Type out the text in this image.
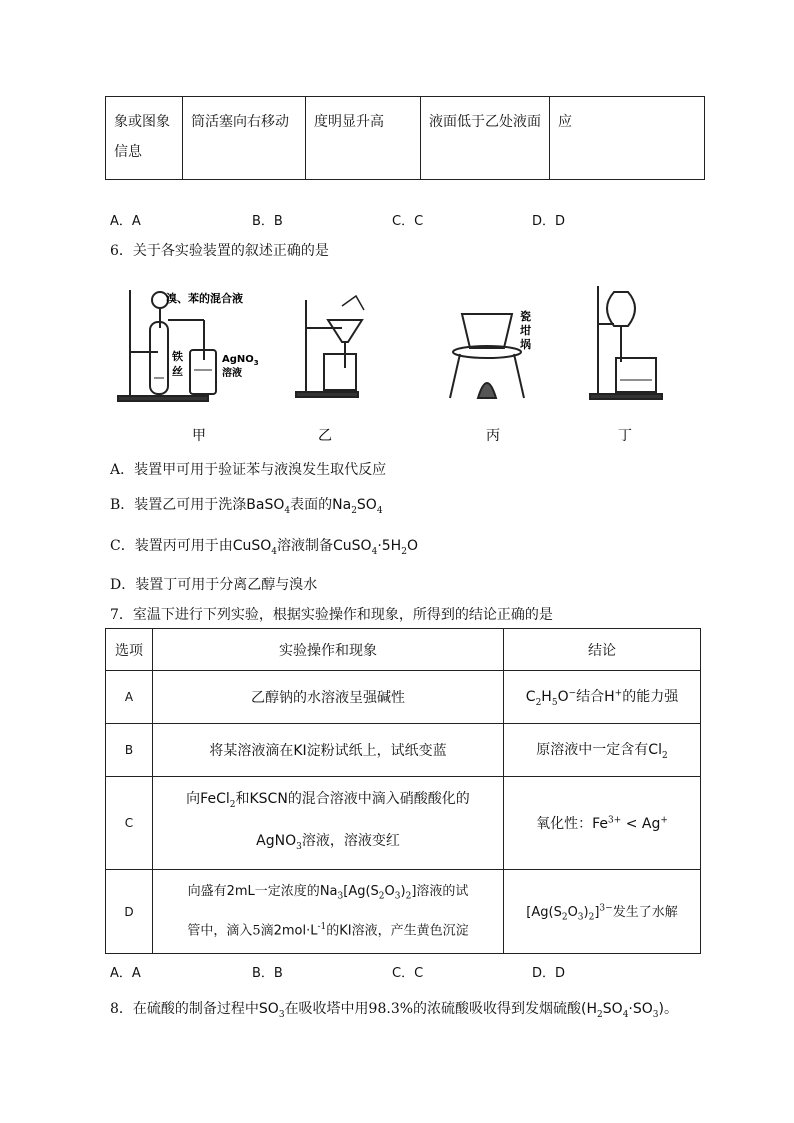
象或图象信息	筒活塞向右移动	度明显升高	液面低于乙处液面	应
A．A	B．B	C．C	D．D
6．关于各实验装置的叙述正确的是
溴、苯的混合液
铁
丝
AgNO$_3$
溶液
瓷
坩
埚
甲	乙	丙	丁
A．装置甲可用于验证苯与液溴发生取代反应
B．装置乙可用于洗涤BaSO$_4$表面的$Na_2SO_4$
C．装置丙可用于由CuSO$_4$溶液制备$CuSO_4\cdot 5H_2O$
D．装置丁可用于分离乙醇与溴水
7．室温下进行下列实验，根据实验操作和现象，所得到的结论正确的是
选项	实验操作和现象	结论
A	乙醇钠的水溶液呈强碱性	$C_2H_5O^-$结合H+的能力强
B	将某溶液滴在KI淀粉试纸上，试纸变蓝	原溶液中一定含有$Cl_2$
C	向FeCl$_2$和KSCN的混合溶液中滴入硝酸酸化的
AgNO$_3$溶液，溶液变红	氧化性：$Fe^{3+} < Ag^+$
D	向盛有2mL一定浓度的$Na_3[Ag(S_2O_3)_2]$溶液的试
管中，滴入5滴$2mol\cdot L^{-1}$的KI溶液，产生黄色沉淀	$[Ag(S_2O_3)_2]^{3-}$发生了水解
A．A	B．B	C．C	D．D
8．在硫酸的制备过程中$SO_3$在吸收塔中用98.3%的浓硫酸吸收得到发烟硫酸$(H_2SO_4\cdot SO_3)$。
